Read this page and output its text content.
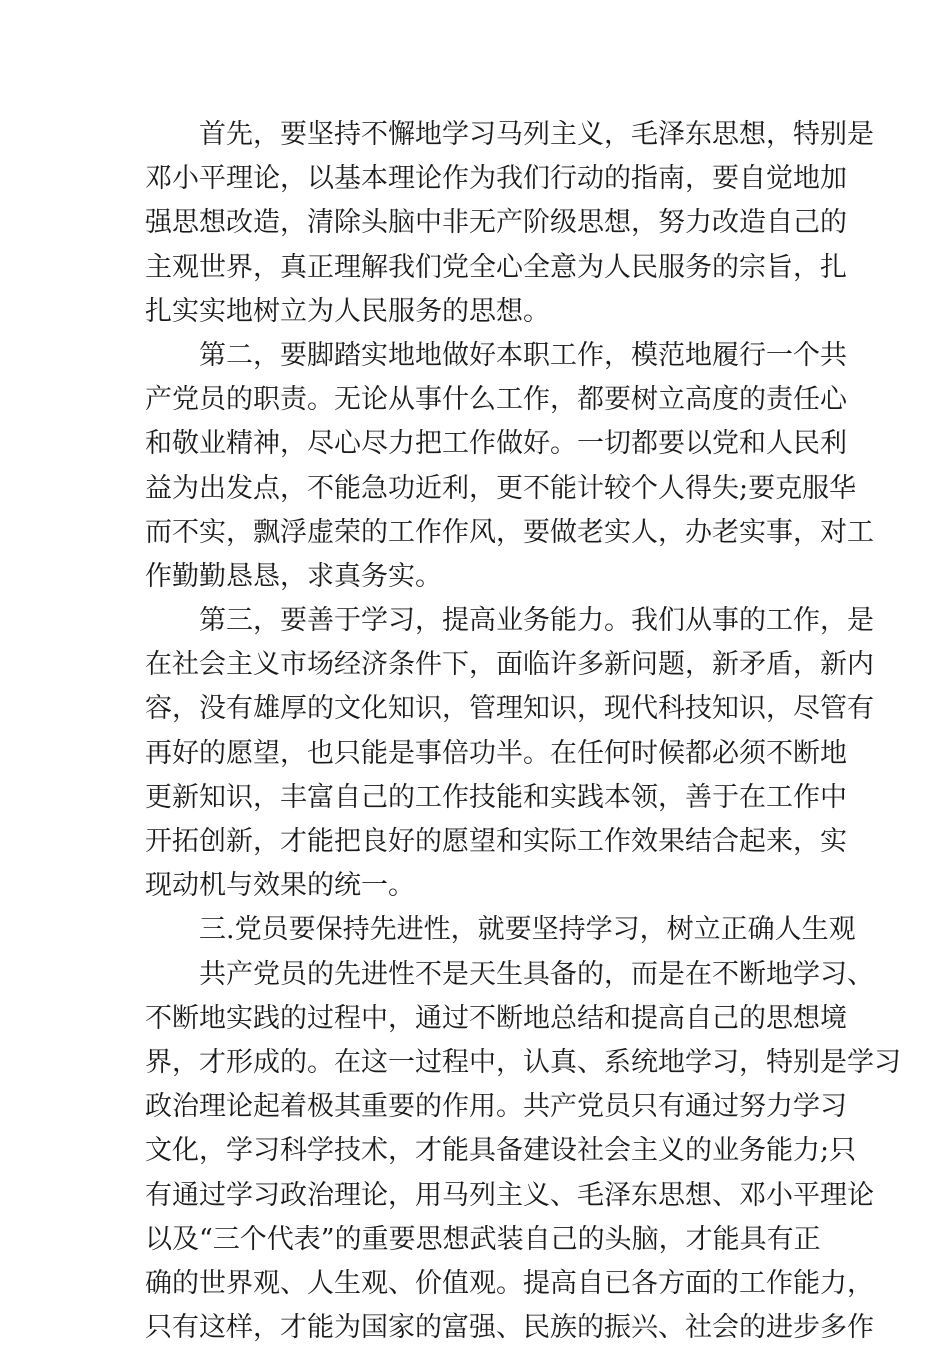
首先，要坚持不懈地学习马列主义，毛泽东思想，特别是
邓小平理论，以基本理论作为我们行动的指南，要自觉地加
强思想改造，清除头脑中非无产阶级思想，努力改造自己的
主观世界，真正理解我们党全心全意为人民服务的宗旨，扎
扎实实地树立为人民服务的思想。
第二，要脚踏实地地做好本职工作，模范地履行一个共
产党员的职责。无论从事什么工作，都要树立高度的责任心
和敬业精神，尽心尽力把工作做好。一切都要以党和人民利
益为出发点，不能急功近利，更不能计较个人得失;要克服华
而不实，飘浮虚荣的工作作风，要做老实人，办老实事，对工
作勤勤恳恳，求真务实。
第三，要善于学习，提高业务能力。我们从事的工作，是
在社会主义市场经济条件下，面临许多新问题，新矛盾，新内
容，没有雄厚的文化知识，管理知识，现代科技知识，尽管有
再好的愿望，也只能是事倍功半。在任何时候都必须不断地
更新知识，丰富自己的工作技能和实践本领，善于在工作中
开拓创新，才能把良好的愿望和实际工作效果结合起来，实
现动机与效果的统一。
三.党员要保持先进性，就要坚持学习，树立正确人生观
共产党员的先进性不是天生具备的，而是在不断地学习、
不断地实践的过程中，通过不断地总结和提高自己的思想境
界，才形成的。在这一过程中，认真、系统地学习，特别是学习
政治理论起着极其重要的作用。共产党员只有通过努力学习
文化，学习科学技术，才能具备建设社会主义的业务能力;只
有通过学习政治理论，用马列主义、毛泽东思想、邓小平理论
以及“三个代表”的重要思想武装自己的头脑，才能具有正
确的世界观、人生观、价值观。提高自已各方面的工作能力，
只有这样，才能为国家的富强、民族的振兴、社会的进步多作
